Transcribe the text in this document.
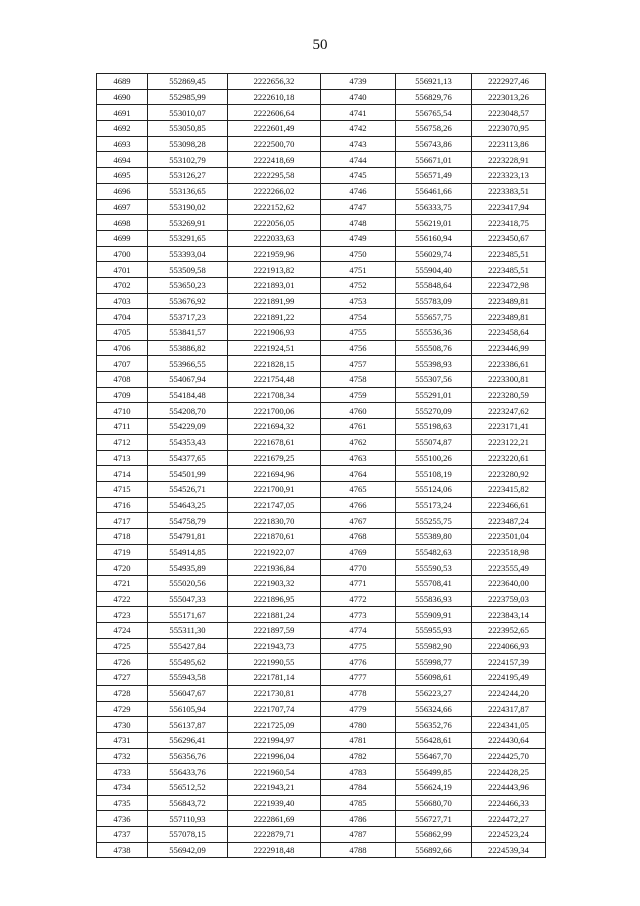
50
4689	552869,45	2222656,32	4739	556921,13	2222927,46
4690	552985,99	2222610,18	4740	556829,76	2223013,26
4691	553010,07	2222606,64	4741	556765,54	2223048,57
4692	553050,85	2222601,49	4742	556758,26	2223070,95
4693	553098,28	2222500,70	4743	556743,86	2223113,86
4694	553102,79	2222418,69	4744	556671,01	2223228,91
4695	553126,27	2222295,58	4745	556571,49	2223323,13
4696	553136,65	2222266,02	4746	556461,66	2223383,51
4697	553190,02	2222152,62	4747	556333,75	2223417,94
4698	553269,91	2222056,05	4748	556219,01	2223418,75
4699	553291,65	2222033,63	4749	556160,94	2223450,67
4700	553393,04	2221959,96	4750	556029,74	2223485,51
4701	553509,58	2221913,82	4751	555904,40	2223485,51
4702	553650,23	2221893,01	4752	555848,64	2223472,98
4703	553676,92	2221891,99	4753	555783,09	2223489,81
4704	553717,23	2221891,22	4754	555657,75	2223489,81
4705	553841,57	2221906,93	4755	555536,36	2223458,64
4706	553886,82	2221924,51	4756	555508,76	2223446,99
4707	553966,55	2221828,15	4757	555398,93	2223386,61
4708	554067,94	2221754,48	4758	555307,56	2223300,81
4709	554184,48	2221708,34	4759	555291,01	2223280,59
4710	554208,70	2221700,06	4760	555270,09	2223247,62
4711	554229,09	2221694,32	4761	555198,63	2223171,41
4712	554353,43	2221678,61	4762	555074,87	2223122,21
4713	554377,65	2221679,25	4763	555100,26	2223220,61
4714	554501,99	2221694,96	4764	555108,19	2223280,92
4715	554526,71	2221700,91	4765	555124,06	2223415,82
4716	554643,25	2221747,05	4766	555173,24	2223466,61
4717	554758,79	2221830,70	4767	555255,75	2223487,24
4718	554791,81	2221870,61	4768	555389,80	2223501,04
4719	554914,85	2221922,07	4769	555482,63	2223518,98
4720	554935,89	2221936,84	4770	555590,53	2223555,49
4721	555020,56	2221903,32	4771	555708,41	2223640,00
4722	555047,33	2221896,95	4772	555836,93	2223759,03
4723	555171,67	2221881,24	4773	555909,91	2223843,14
4724	555311,30	2221897,59	4774	555955,93	2223952,65
4725	555427,84	2221943,73	4775	555982,90	2224066,93
4726	555495,62	2221990,55	4776	555998,77	2224157,39
4727	555943,58	2221781,14	4777	556098,61	2224195,49
4728	556047,67	2221730,81	4778	556223,27	2224244,20
4729	556105,94	2221707,74	4779	556324,66	2224317,87
4730	556137,87	2221725,09	4780	556352,76	2224341,05
4731	556296,41	2221994,97	4781	556428,61	2224430,64
4732	556356,76	2221996,04	4782	556467,70	2224425,70
4733	556433,76	2221960,54	4783	556499,85	2224428,25
4734	556512,52	2221943,21	4784	556624,19	2224443,96
4735	556843,72	2221939,40	4785	556680,70	2224466,33
4736	557110,93	2222861,69	4786	556727,71	2224472,27
4737	557078,15	2222879,71	4787	556862,99	2224523,24
4738	556942,09	2222918,48	4788	556892,66	2224539,34
